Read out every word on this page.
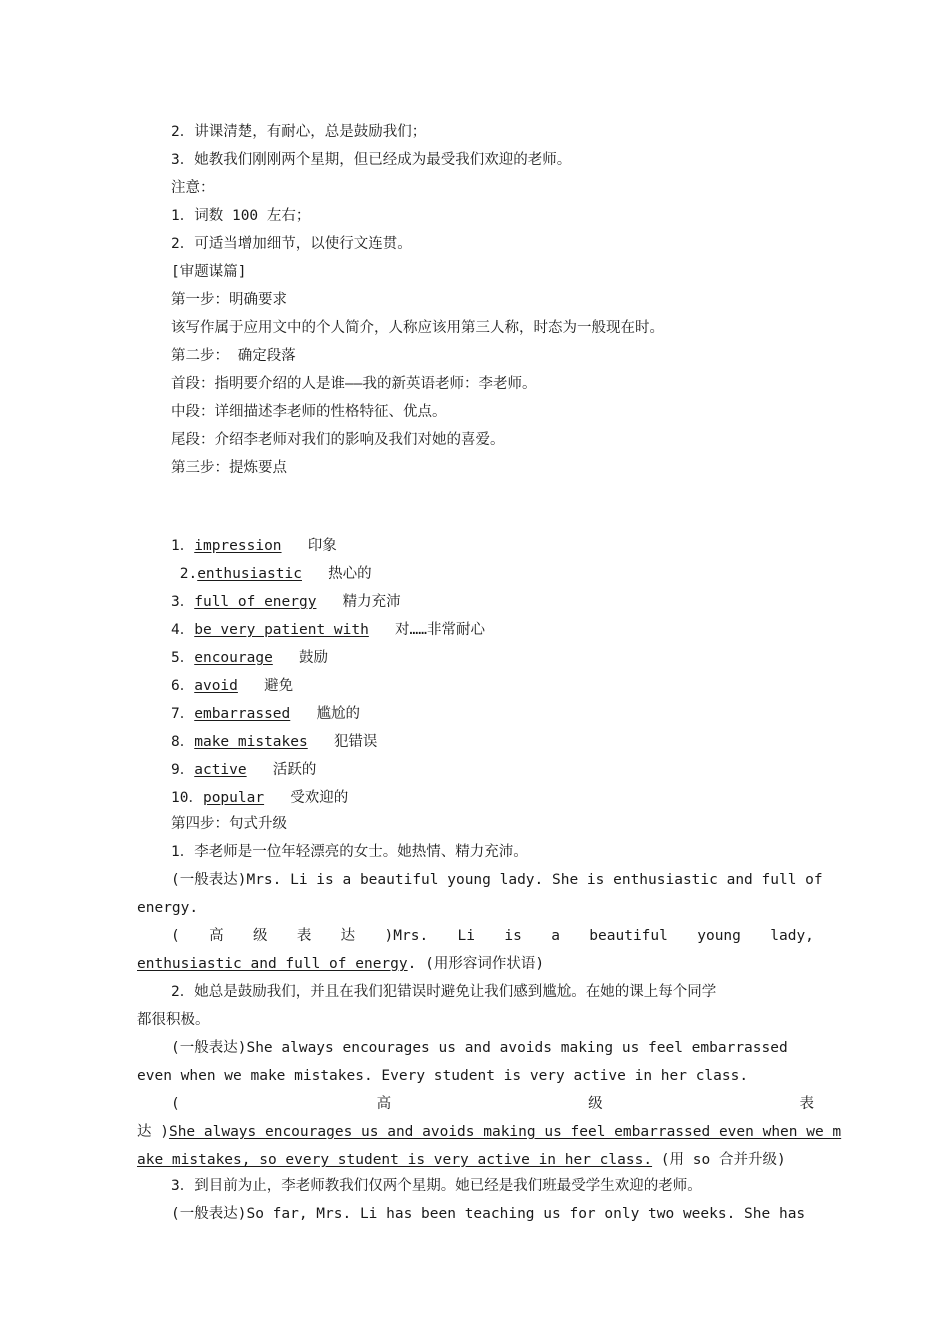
2．讲课清楚，有耐心，总是鼓励我们；
3．她教我们刚刚两个星期，但已经成为最受我们欢迎的老师。
注意：
1．词数 100 左右；
2．可适当增加细节，以使行文连贯。
[审题谋篇]
第一步：明确要求
该写作属于应用文中的个人简介，人称应该用第三人称，时态为一般现在时。
第二步： 确定段落
首段：指明要介绍的人是谁——我的新英语老师：李老师。
中段：详细描述李老师的性格特征、优点。
尾段：介绍李老师对我们的影响及我们对她的喜爱。
第三步：提炼要点
1．impression 印象
2.enthusiastic 热心的
3．full of energy 精力充沛
4．be very patient with 对……非常耐心
5．encourage 鼓励
6．avoid 避免
7．embarrassed 尴尬的
8．make mistakes 犯错误
9．active 活跃的
10．popular 受欢迎的
第四步：句式升级
1．李老师是一位年轻漂亮的女士。她热情、精力充沛。
(一般表达)Mrs. Li is a beautiful young lady. She is enthusiastic and full of
energy.
( 高 级 表 达 )Mrs. Li is a beautiful young lady,
enthusiastic and full of energy. (用形容词作状语)
2．她总是鼓励我们，并且在我们犯错误时避免让我们感到尴尬。在她的课上每个同学
都很积极。
(一般表达)She always encourages us and avoids making us feel embarrassed
even when we make mistakes. Every student is very active in her class.
(	高	级	表
达 )She always encourages us and avoids making us feel embarrassed even when we m
ake mistakes, so every student is very active in her class. (用 so 合并升级)
3．到目前为止，李老师教我们仅两个星期。她已经是我们班最受学生欢迎的老师。
(一般表达)So far, Mrs. Li has been teaching us for only two weeks. She has
